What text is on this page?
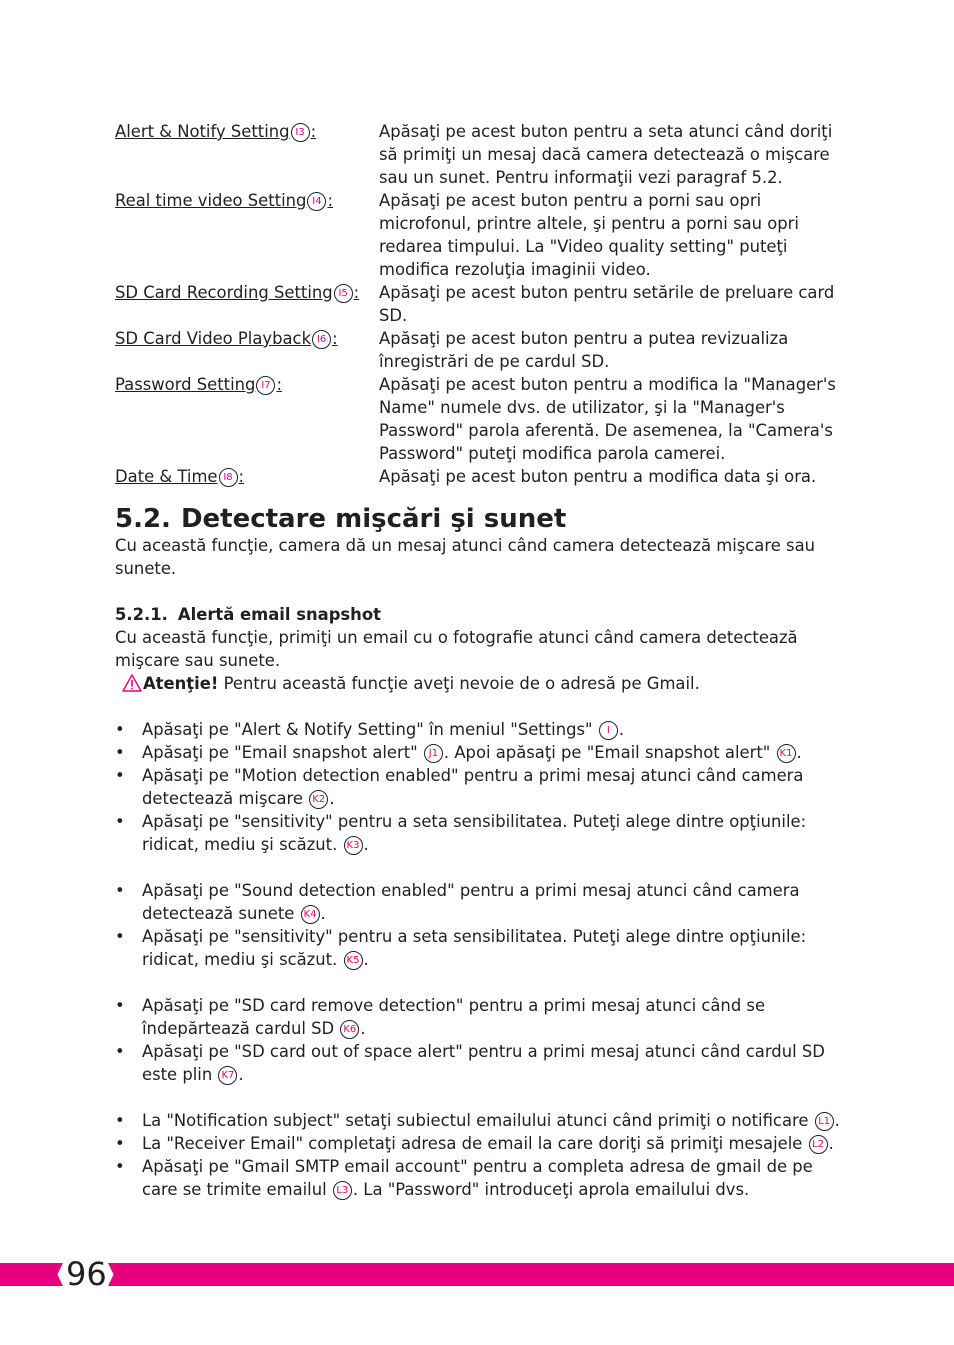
Alert & Notify Setting I3 :	Apăsaţi pe acest buton pentru a seta atunci când doriţi să primiţi un mesaj dacă camera detectează o mişcare sau un sunet. Pentru informaţii vezi paragraf 5.2.
Real time video Setting I4 :	Apăsaţi pe acest buton pentru a porni sau opri microfonul, printre altele, şi pentru a porni sau opri redarea timpului. La "Video quality setting" puteţi modifica rezoluţia imaginii video.
SD Card Recording Setting I5 :	Apăsaţi pe acest buton pentru setările de preluare card SD.
SD Card Video Playback I6 :	Apăsaţi pe acest buton pentru a putea revizualiza înregistrări de pe cardul SD.
Password Setting I7 :	Apăsaţi pe acest buton pentru a modifica la "Manager's Name" numele dvs. de utilizator, şi la "Manager's Password" parola aferentă. De asemenea, la "Camera's Password" puteţi modifica parola camerei.
Date & Time I8 :	Apăsaţi pe acest buton pentru a modifica data şi ora.
5.2. Detectare mişcări şi sunet

Cu această funcţie, camera dă un mesaj atunci când camera detectează mişcare sau sunete.

5.2.1. Alertă email snapshot

Cu această funcţie, primiţi un email cu o fotografie atunci când camera detectează mişcare sau sunete.

Atenţie! Pentru această funcţie aveţi nevoie de o adresă pe Gmail.

• Apăsaţi pe "Alert & Notify Setting" în meniul "Settings" I .
• Apăsaţi pe "Email snapshot alert" J1 . Apoi apăsaţi pe "Email snapshot alert" K1 .
• Apăsaţi pe "Motion detection enabled" pentru a primi mesaj atunci când camera detectează mişcare K2 .
• Apăsaţi pe "sensitivity" pentru a seta sensibilitatea. Puteţi alege dintre opţiunile: ridicat, mediu şi scăzut. K3 .
• Apăsaţi pe "Sound detection enabled" pentru a primi mesaj atunci când camera detectează sunete K4 .
• Apăsaţi pe "sensitivity" pentru a seta sensibilitatea. Puteţi alege dintre opţiunile: ridicat, mediu şi scăzut. K5 .
• Apăsaţi pe "SD card remove detection" pentru a primi mesaj atunci când se îndepărtează cardul SD K6 .
• Apăsaţi pe "SD card out of space alert" pentru a primi mesaj atunci când cardul SD este plin K7 .
• La "Notification subject" setaţi subiectul emailului atunci când primiţi o notificare L1 .
• La "Receiver Email" completaţi adresa de email la care doriţi să primiţi mesajele L2 .
• Apăsaţi pe "Gmail SMTP email account" pentru a completa adresa de gmail de pe care se trimite emailul L3 . La "Password" introduceţi aprola emailului dvs.
96
